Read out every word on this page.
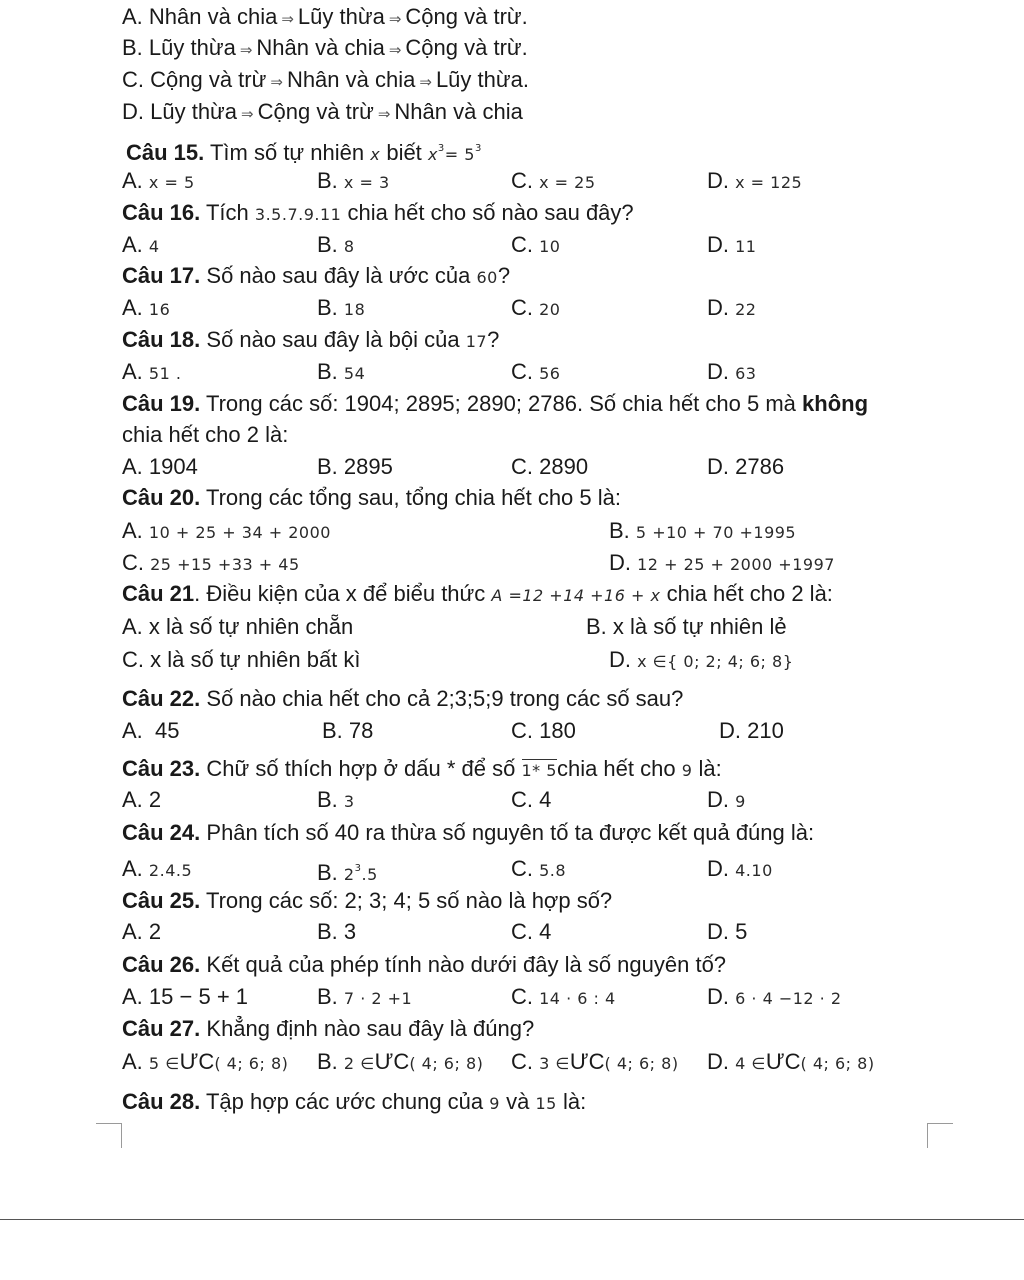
A. Nhân và chia ⇒ Lũy thừa ⇒ Cộng và trừ.
B. Lũy thừa ⇒ Nhân và chia ⇒ Cộng và trừ.
C. Cộng và trừ ⇒ Nhân và chia ⇒ Lũy thừa.
D. Lũy thừa ⇒ Cộng và trừ ⇒ Nhân và chia
Câu 15. Tìm số tự nhiên x biết $x^3= 5^3$
A. x = 5	B. x = 3	C. x = 25	D. x = 125
Câu 16. Tích 3.5.7.9.11 chia hết cho số nào sau đây?
A. 4	B. 8	C. 10	D. 11
Câu 17. Số nào sau đây là ước của 60?
A. 16	B. 18	C. 20	D. 22
Câu 18. Số nào sau đây là bội của 17?
A. 51 .	B. 54	C. 56	D. 63
Câu 19. Trong các số: 1904; 2895; 2890; 2786. Số chia hết cho 5 mà không
chia hết cho 2 là:
A. 1904	B. 2895	C. 2890	D. 2786
Câu 20. Trong các tổng sau, tổng chia hết cho 5 là:
A. 10 + 25 + 34 + 2000	B. 5 +10 + 70 +1995
C. 25 +15 +33 + 45	D. 12 + 25 + 2000 +1997
Câu 21. Điều kiện của x để biểu thức A =12 +14 +16 + x chia hết cho 2 là:
A. x là số tự nhiên chẵn	B. x là số tự nhiên lẻ
C. x là số tự nhiên bất kì	D. x ∈{ 0; 2; 4; 6; 8}
Câu 22. Số nào chia hết cho cả 2;3;5;9 trong các số sau?
A. 45	B. 78	C. 180	D. 210
Câu 23. Chữ số thích hợp ở dấu * để số 1* 5chia hết cho 9 là:
A. 2	B. 3	C. 4	D. 9
Câu 24. Phân tích số 40 ra thừa số nguyên tố ta được kết quả đúng là:
A. 2.4.5	B. $2^3.5$	C. 5.8	D. 4.10
Câu 25. Trong các số: 2; 3; 4; 5 số nào là hợp số?
A. 2	B. 3	C. 4	D. 5
Câu 26. Kết quả của phép tính nào dưới đây là số nguyên tố?
A. 15 − 5 + 1	B. 7 · 2 +1	C. 14 · 6 : 4	D. 6 · 4 −12 · 2
Câu 27. Khẳng định nào sau đây là đúng?
A. 5 ∈ƯC( 4; 6; 8) B. 2 ∈ƯC( 4; 6; 8) C. 3 ∈ƯC( 4; 6; 8) D. 4 ∈ƯC( 4; 6; 8)
Câu 28. Tập hợp các ước chung của 9 và 15 là:
